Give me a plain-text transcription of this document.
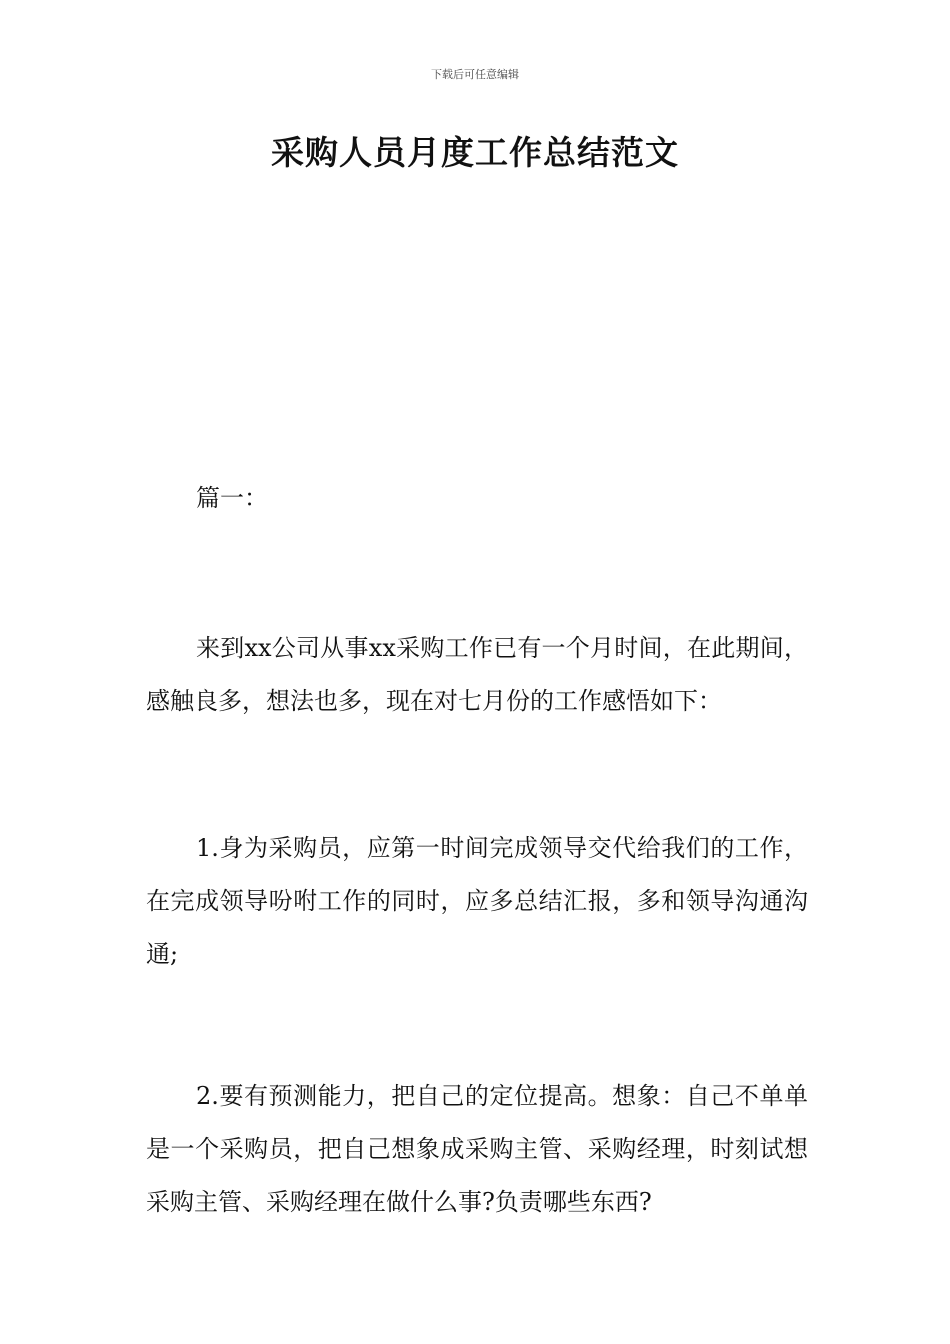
下载后可任意编辑
采购人员月度工作总结范文

篇一：

来到xx公司从事xx采购工作已有一个月时间，在此期间，感触良多，想法也多，现在对七月份的工作感悟如下：

1.身为采购员，应第一时间完成领导交代给我们的工作，在完成领导吩咐工作的同时，应多总结汇报，多和领导沟通沟通;

2.要有预测能力，把自己的定位提高。想象：自己不单单是一个采购员，把自己想象成采购主管、采购经理，时刻试想采购主管、采购经理在做什么事?负责哪些东西?
